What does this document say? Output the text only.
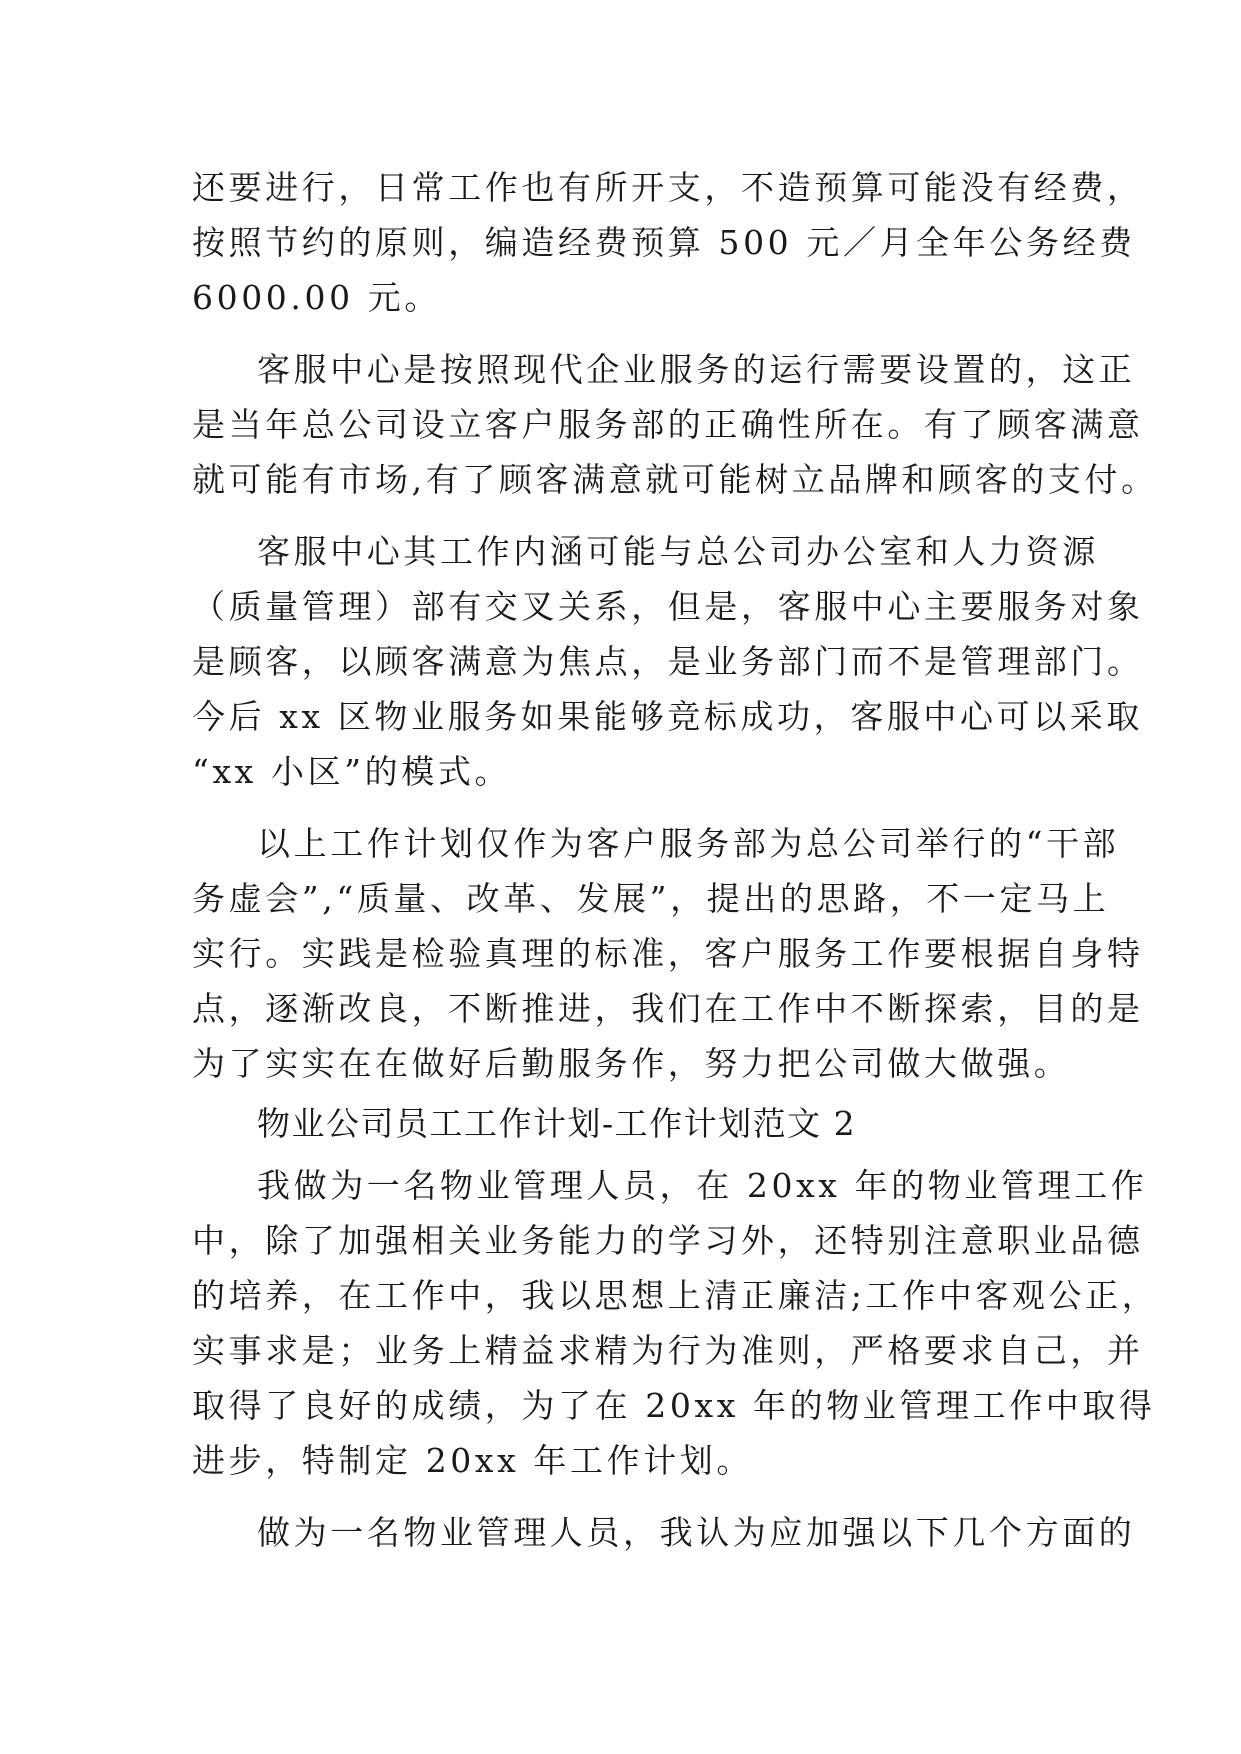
还要进行，日常工作也有所开支，不造预算可能没有经费，

按照节约的原则，编造经费预算 500 元／月全年公务经费

6000.00 元。

客服中心是按照现代企业服务的运行需要设置的，这正

是当年总公司设立客户服务部的正确性所在。有了顾客满意

就可能有市场,有了顾客满意就可能树立品牌和顾客的支付。

客服中心其工作内涵可能与总公司办公室和人力资源

（质量管理）部有交叉关系，但是，客服中心主要服务对象

是顾客，以顾客满意为焦点，是业务部门而不是管理部门。

今后 xx 区物业服务如果能够竞标成功，客服中心可以采取

“xx 小区”的模式。

以上工作计划仅作为客户服务部为总公司举行的“干部

务虚会”,“质量、改革、发展”，提出的思路，不一定马上

实行。实践是检验真理的标准，客户服务工作要根据自身特

点，逐渐改良，不断推进，我们在工作中不断探索，目的是

为了实实在在做好后勤服务作，努力把公司做大做强。

物业公司员工工作计划-工作计划范文 2

我做为一名物业管理人员，在 20xx 年的物业管理工作

中，除了加强相关业务能力的学习外，还特别注意职业品德

的培养，在工作中，我以思想上清正廉洁;工作中客观公正，

实事求是；业务上精益求精为行为准则，严格要求自己，并

取得了良好的成绩，为了在 20xx 年的物业管理工作中取得

进步，特制定 20xx 年工作计划。

做为一名物业管理人员，我认为应加强以下几个方面的
